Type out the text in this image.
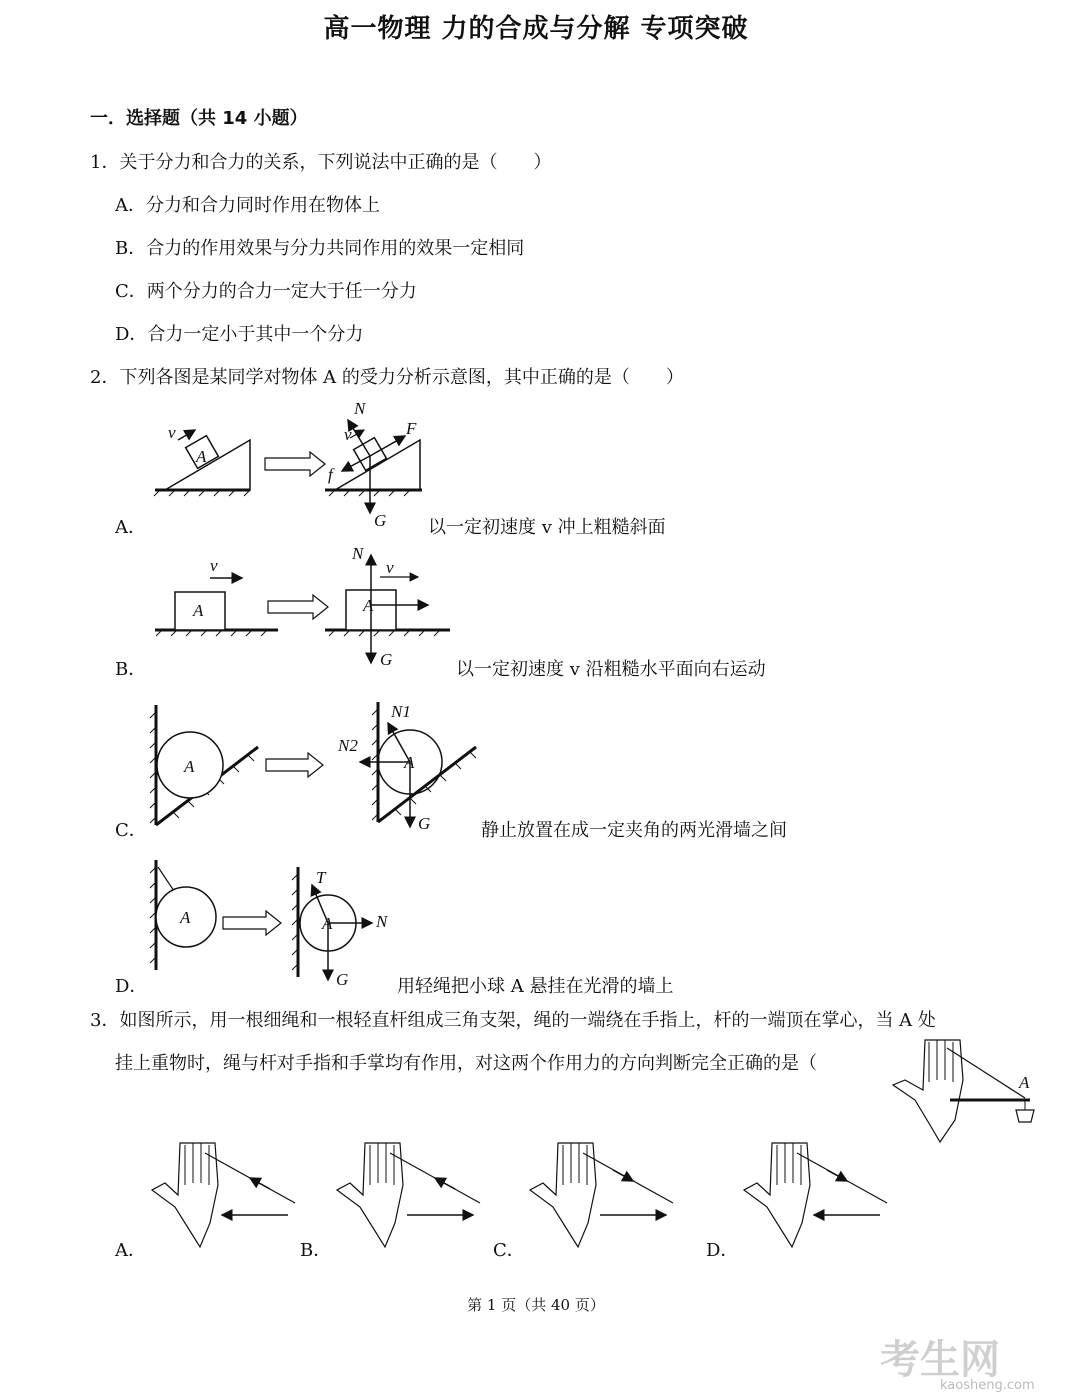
高一物理 力的合成与分解 专项突破
一．选择题（共 14 小题）
1．关于分力和合力的关系，下列说法中正确的是（　　）
A．分力和合力同时作用在物体上
B．合力的作用效果与分力共同作用的效果一定相同
C．两个分力的合力一定大于任一分力
D．合力一定小于其中一个分力
2．下列各图是某同学对物体 A 的受力分析示意图，其中正确的是（　　）
A
v
N
F
f
v
G
A．	以一定初速度 v 冲上粗糙斜面
A
v
A
N
v
G
B．	以一定初速度 v 沿粗糙水平面向右运动
A	A
N1
N2
G
C．	静止放置在成一定夹角的两光滑墙之间
A	A
T
N
G
D．	用轻绳把小球 A 悬挂在光滑的墙上
3．如图所示，用一根细绳和一根轻直杆组成三角支架，绳的一端绕在手指上，杆的一端顶在掌心，当 A 处
挂上重物时，绳与杆对手指和手掌均有作用，对这两个作用力的方向判断完全正确的是（
A
A．	B．	C．	D．
第 1 页（共 40 页）
考生网
kaosheng.com
